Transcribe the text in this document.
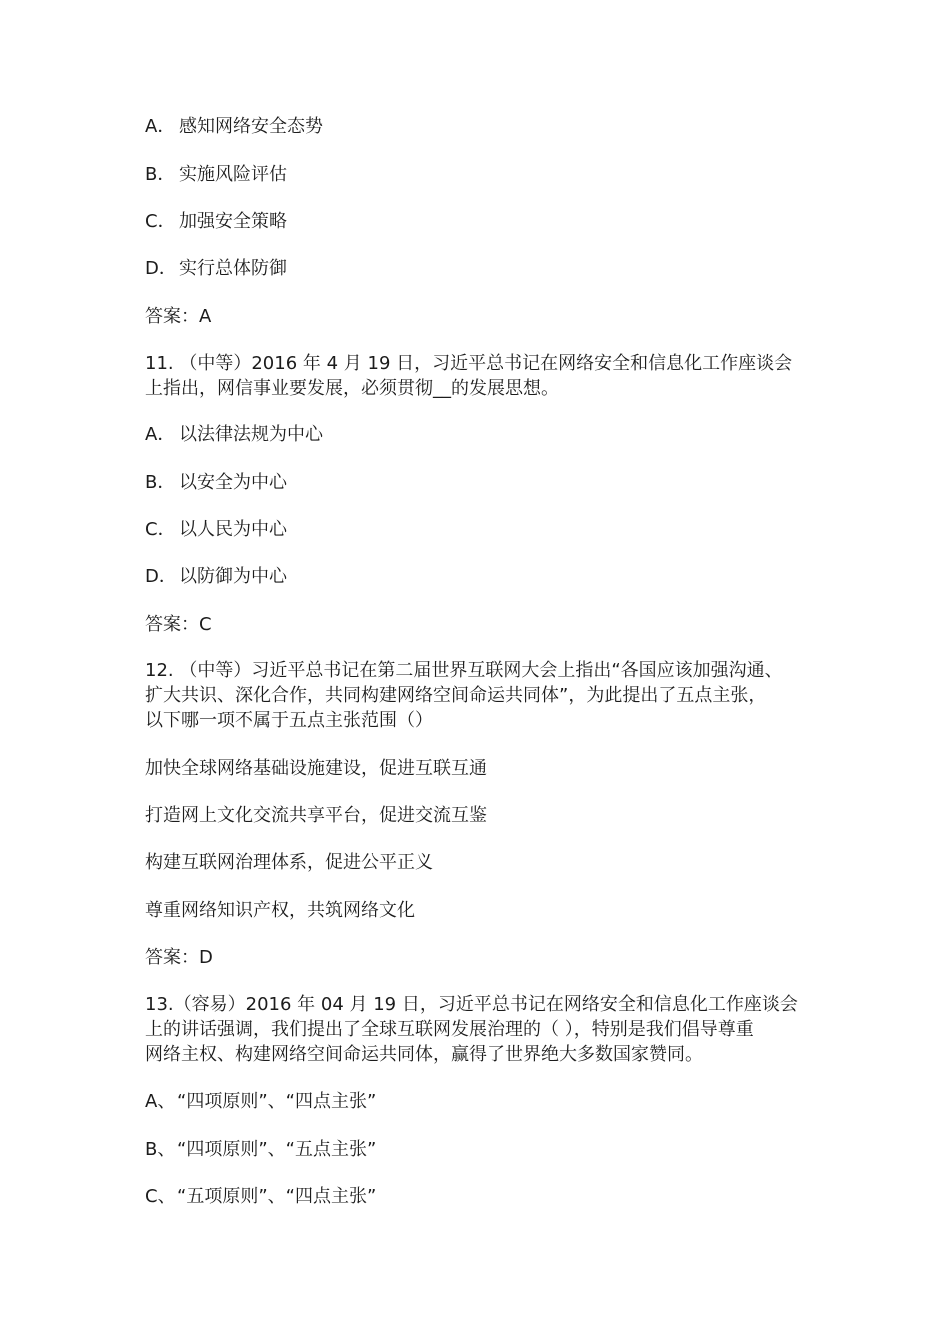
A． 感知网络安全态势
B． 实施风险评估
C． 加强安全策略
D． 实行总体防御
答案：A
11. （中等）2016 年 4 月 19 日，习近平总书记在网络安全和信息化工作座谈会
上指出，网信事业要发展，必须贯彻__的发展思想。
A． 以法律法规为中心
B． 以安全为中心
C． 以人民为中心
D． 以防御为中心
答案：C
12. （中等）习近平总书记在第二届世界互联网大会上指出“各国应该加强沟通、
扩大共识、深化合作，共同构建网络空间命运共同体”，为此提出了五点主张，
以下哪一项不属于五点主张范围（）
加快全球网络基础设施建设，促进互联互通
打造网上文化交流共享平台，促进交流互鉴
构建互联网治理体系，促进公平正义
尊重网络知识产权，共筑网络文化
答案：D
13.（容易）2016 年 04 月 19 日，习近平总书记在网络安全和信息化工作座谈会
上的讲话强调，我们提出了全球互联网发展治理的（ ），特别是我们倡导尊重
网络主权、构建网络空间命运共同体，赢得了世界绝大多数国家赞同。
A、“四项原则”、“四点主张”
B、“四项原则”、“五点主张”
C、“五项原则”、“四点主张”
